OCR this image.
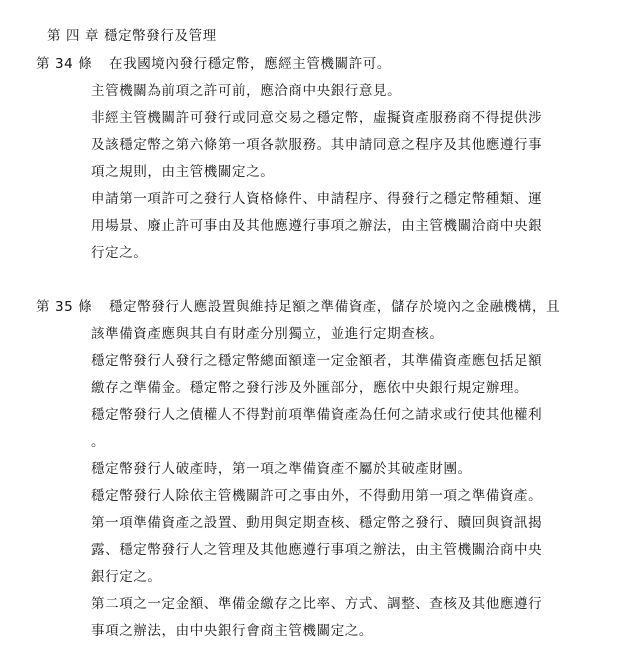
第 四 章 穩定幣發行及管理
第 34 條 在我國境內發行穩定幣，應經主管機關許可。
主管機關為前項之許可前，應洽商中央銀行意見。
非經主管機關許可發行或同意交易之穩定幣，虛擬資產服務商不得提供涉
及該穩定幣之第六條第一項各款服務。其申請同意之程序及其他應遵行事
項之規則，由主管機關定之。
申請第一項許可之發行人資格條件、申請程序、得發行之穩定幣種類、運
用場景、廢止許可事由及其他應遵行事項之辦法，由主管機關洽商中央銀
行定之。
第 35 條 穩定幣發行人應設置與維持足額之準備資產，儲存於境內之金融機構，且
該準備資產應與其自有財產分別獨立，並進行定期查核。
穩定幣發行人發行之穩定幣總面額達一定金額者，其準備資產應包括足額
繳存之準備金。穩定幣之發行涉及外匯部分，應依中央銀行規定辦理。
穩定幣發行人之債權人不得對前項準備資產為任何之請求或行使其他權利
。
穩定幣發行人破產時，第一項之準備資產不屬於其破產財團。
穩定幣發行人除依主管機關許可之事由外，不得動用第一項之準備資產。
第一項準備資產之設置、動用與定期查核、穩定幣之發行、贖回與資訊揭
露、穩定幣發行人之管理及其他應遵行事項之辦法，由主管機關洽商中央
銀行定之。
第二項之一定金額、準備金繳存之比率、方式、調整、查核及其他應遵行
事項之辦法，由中央銀行會商主管機關定之。
